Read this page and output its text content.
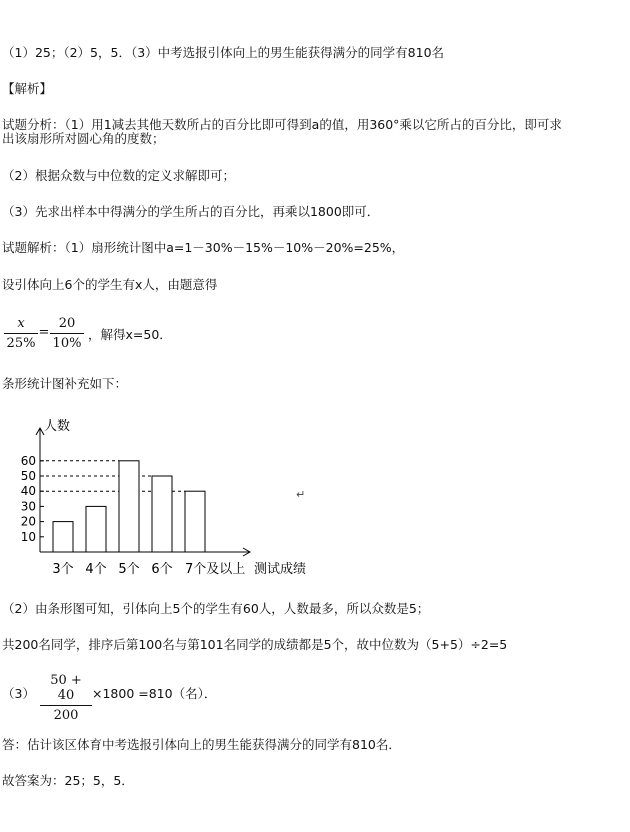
（1）25；（2）5，5．（3）中考选报引体向上的男生能获得满分的同学有810名
【解析】
试题分析：（1）用1减去其他天数所占的百分比即可得到a的值，用360°乘以它所占的百分比，即可求
出该扇形所对圆心角的度数；
（2）根据众数与中位数的定义求解即可；
（3）先求出样本中得满分的学生所占的百分比，再乘以1800即可．
试题解析：（1）扇形统计图中a=1－30%－15%－10%－20%=25%，
设引体向上6个的学生有x人，由题意得
$\frac{x}{25\%} = \frac{20}{10\%}$ ，解得x=50．
条形统计图补充如下：
人数
测试成绩
10
20
30
40
50
60
3个 4个 5个 6个 7个及以上
↵
（2）由条形图可知，引体向上5个的学生有60人，人数最多，所以众数是5；
共200名同学，排序后第100名与第101名同学的成绩都是5个，故中位数为（5+5）÷2=5
$(3) \frac{50 + 40}{200} \times 1800 =810$（名）．
答：估计该区体育中考选报引体向上的男生能获得满分的同学有810名．
故答案为：25；5，5．
